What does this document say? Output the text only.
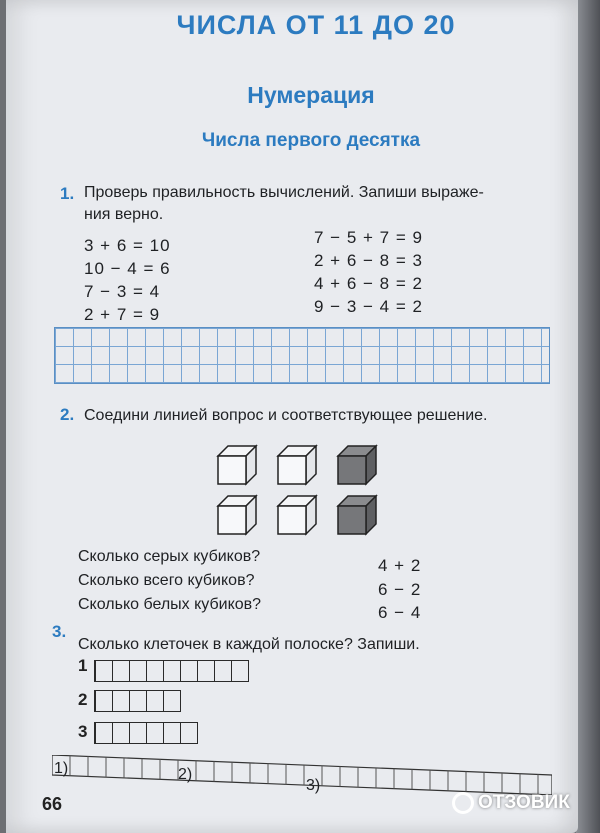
ЧИСЛА ОТ 11 ДО 20
Нумерация
Числа первого десятка
1. Проверь правильность вычислений. Запиши выраже-
ния верно.
3 + 6 = 10
10 − 4 = 6
7 − 3 = 4
2 + 7 = 9
7 − 5 + 7 = 9
2 + 6 − 8 = 3
4 + 6 − 8 = 2
9 − 3 − 4 = 2
2. Соедини линией вопрос и соответствующее решение.
Сколько серых кубиков?
Сколько всего кубиков?
Сколько белых кубиков?
4 + 2
6 − 2
6 − 4
3.
Сколько клеточек в каждой полоске? Запиши.
1
2
3
1)	2)
3)
66	ОТЗОВИК
